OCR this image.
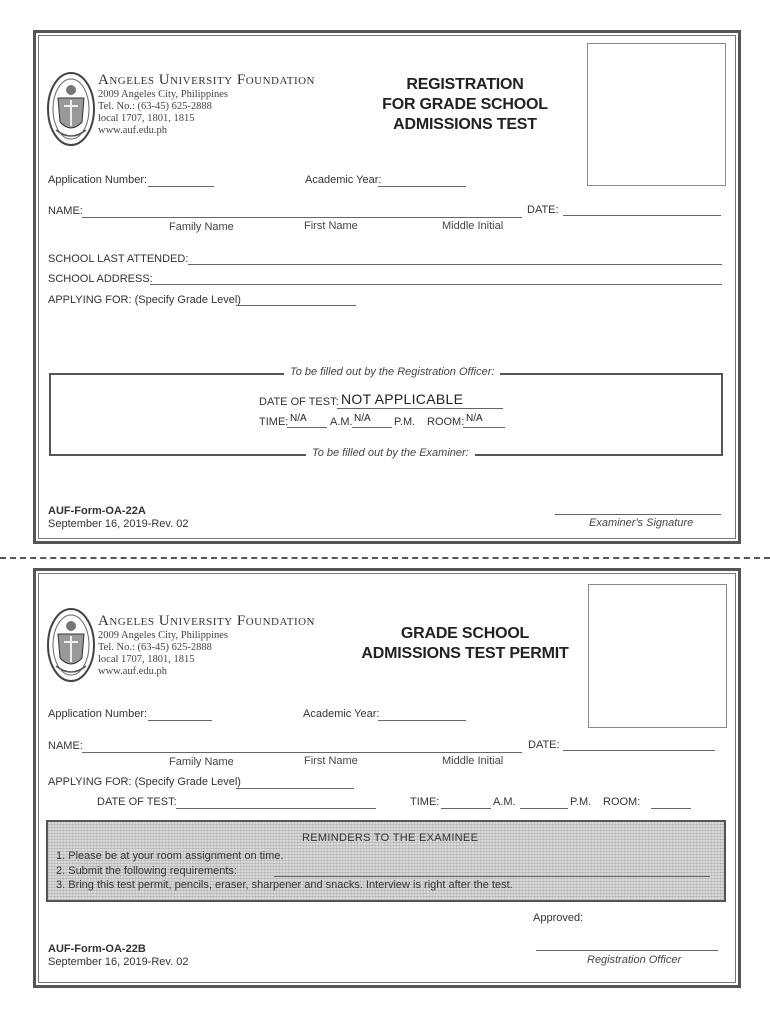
Angeles University Foundation
2009 Angeles City, Philippines
Tel. No.: (63-45) 625-2888
local 1707, 1801, 1815
www.auf.edu.ph
REGISTRATION
FOR GRADE SCHOOL
ADMISSIONS TEST
Application Number:	Academic Year:
NAME:	DATE:
Family Name	First Name	Middle Initial
SCHOOL LAST ATTENDED:
SCHOOL ADDRESS:
APPLYING FOR: (Specify Grade Level)
To be filled out by the Registration Officer:
DATE OF TEST: NOT APPLICABLE
TIME: N/A A.M. N/A P.M. ROOM: N/A
To be filled out by the Examiner:
AUF-Form-OA-22A
September 16, 2019-Rev. 02	Examiner's Signature
Angeles University Foundation
2009 Angeles City, Philippines
Tel. No.: (63-45) 625-2888
local 1707, 1801, 1815
www.auf.edu.ph
GRADE SCHOOL
ADMISSIONS TEST PERMIT
Application Number:	Academic Year:
NAME:	DATE:
Family Name	First Name	Middle Initial
APPLYING FOR: (Specify Grade Level)
DATE OF TEST:	TIME:	A.M.	P.M. ROOM:
REMINDERS TO THE EXAMINEE
1. Please be at your room assignment on time.
2. Submit the following requirements:
3. Bring this test permit, pencils, eraser, sharpener and snacks. Interview is right after the test.
Approved:
AUF-Form-OA-22B
September 16, 2019-Rev. 02	Registration Officer
